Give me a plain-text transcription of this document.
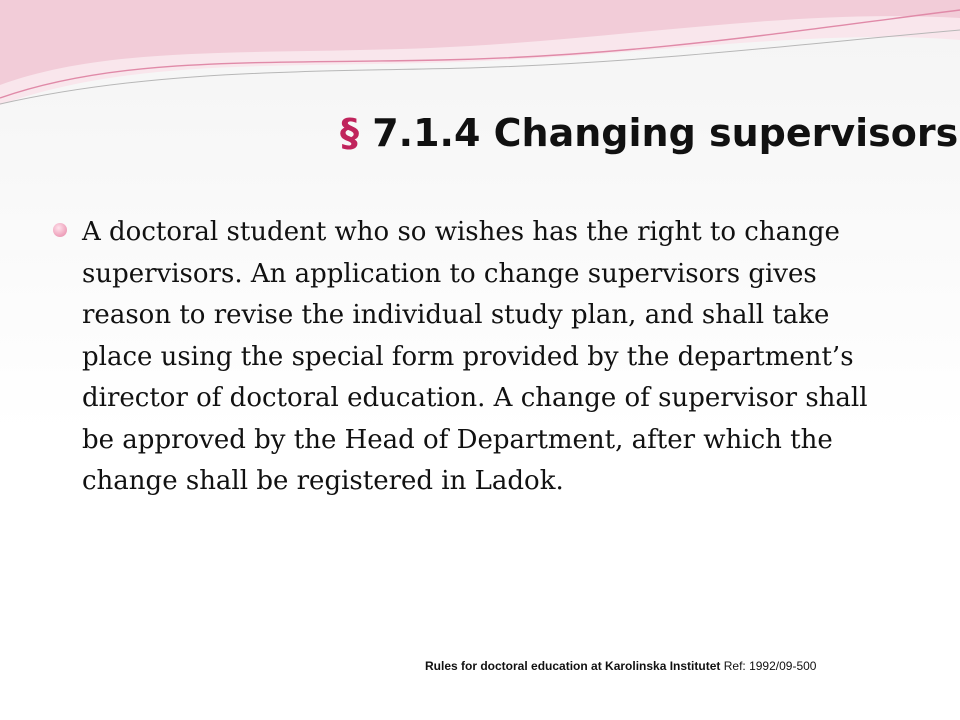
§ 7.1.4 Changing supervisors
A doctoral student who so wishes has the right to change supervisors. An application to change supervisors gives reason to revise the individual study plan, and shall take place using the special form provided by the department’s director of doctoral education. A change of supervisor shall be approved by the Head of Department, after which the change shall be registered in Ladok.

Rules for doctoral education at Karolinska Institutet Ref: 1992/09-500
